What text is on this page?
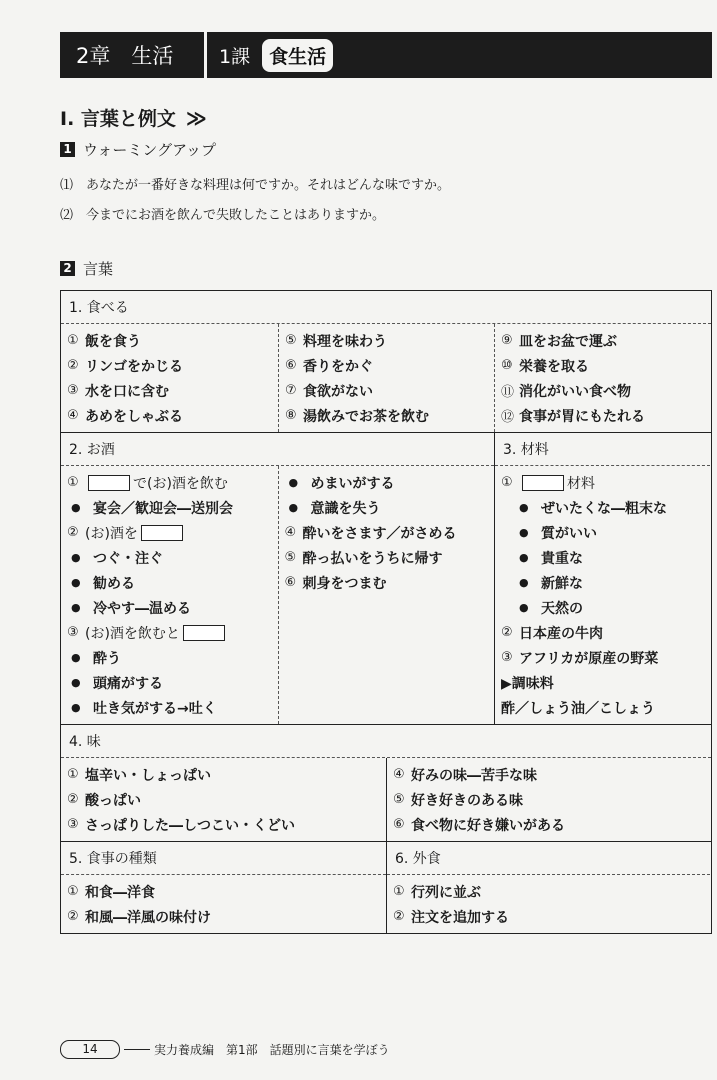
2章　生活	1課	食生活
Ⅰ. 言葉と例文 ≫
1 ウォーミングアップ
⑴ あなたが一番好きな料理は何ですか。それはどんな味ですか。
⑵ 今までにお酒を飲んで失敗したことはありますか。
2 言葉
1. 食べる
① 飯を食う
② リンゴをかじる
③ 水を口に含む
④ あめをしゃぶる
⑤ 料理を味わう
⑥ 香りをかぐ
⑦ 食欲がない
⑧ 湯飲みでお茶を飲む
⑨ 皿をお盆で運ぶ
⑩ 栄養を取る
⑪ 消化がいい食べ物
⑫ 食事が胃にもたれる
2. お酒
①	で(お)酒を飲む
● 宴会／歓迎会―送別会
② (お)酒を
● つぐ・注ぐ
● 勧める
● 冷やす―温める
③ (お)酒を飲むと
● 酔う
● 頭痛がする
● 吐き気がする→吐く
● めまいがする
● 意識を失う
④ 酔いをさます／がさめる
⑤ 酔っ払いをうちに帰す
⑥ 刺身をつまむ
3. 材料
①	材料
● ぜいたくな―粗末な
● 質がいい
● 貴重な
● 新鮮な
● 天然の
② 日本産の牛肉
③ アフリカが原産の野菜
▶調味料
酢／しょう油／こしょう
4. 味
① 塩辛い・しょっぱい
② 酸っぱい
③ さっぱりした―しつこい・くどい
④ 好みの味―苦手な味
⑤ 好き好きのある味
⑥ 食べ物に好き嫌いがある
5. 食事の種類
① 和食―洋食
② 和風―洋風の味付け
6. 外食
① 行列に並ぶ
② 注文を追加する
14	実力養成編　第1部　話題別に言葉を学ぼう
